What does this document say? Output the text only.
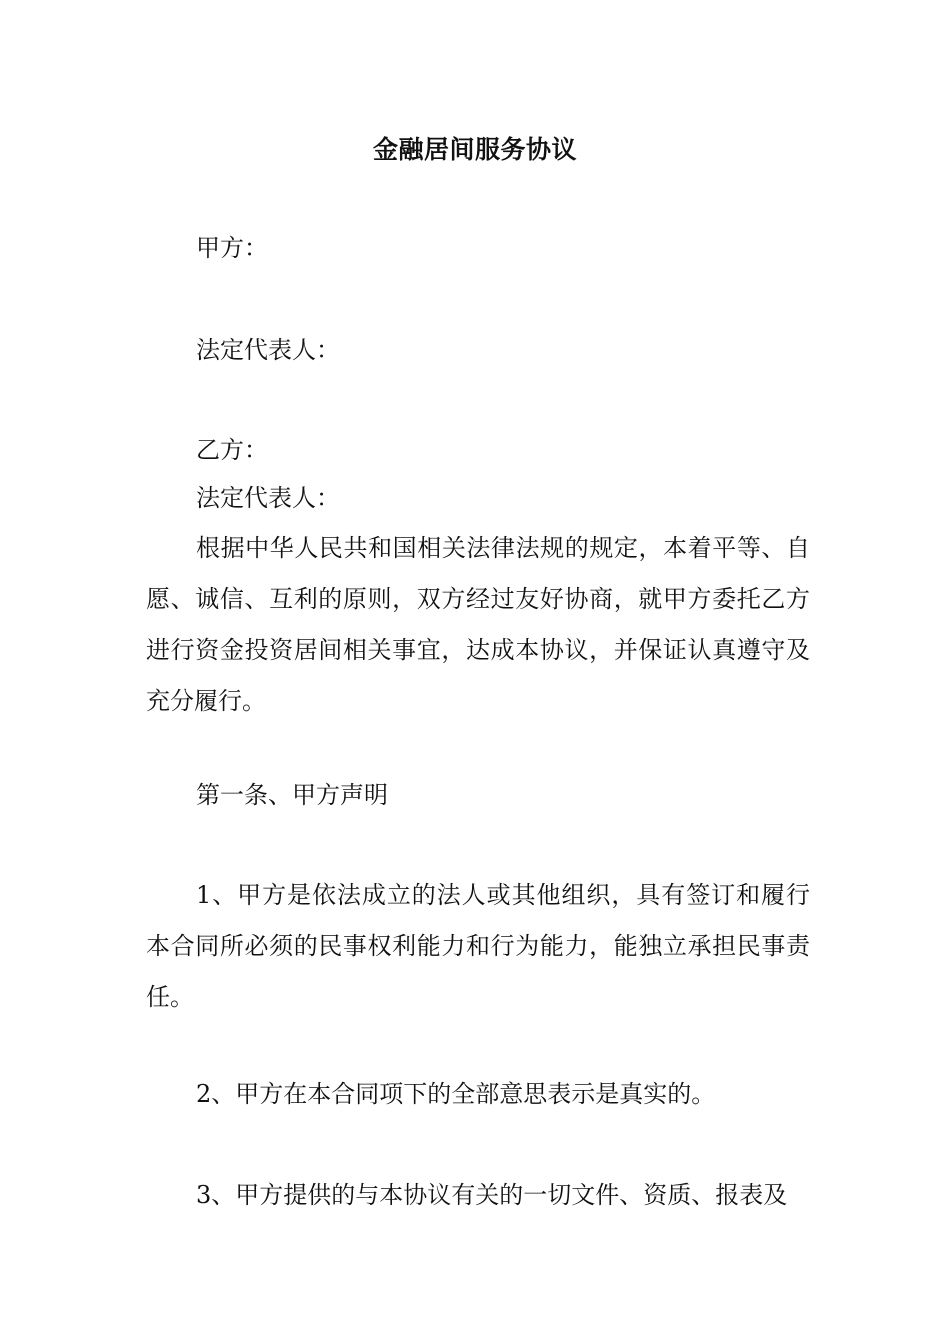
金融居间服务协议
甲方：
法定代表人：
乙方：
法定代表人：

根据中华人民共和国相关法律法规的规定，本着平等、自愿、诚信、互利的原则，双方经过友好协商，就甲方委托乙方进行资金投资居间相关事宜，达成本协议，并保证认真遵守及充分履行。

第一条、甲方声明

1、甲方是依法成立的法人或其他组织，具有签订和履行本合同所必须的民事权利能力和行为能力，能独立承担民事责任。

2、甲方在本合同项下的全部意思表示是真实的。

3、甲方提供的与本协议有关的一切文件、资质、报表及
